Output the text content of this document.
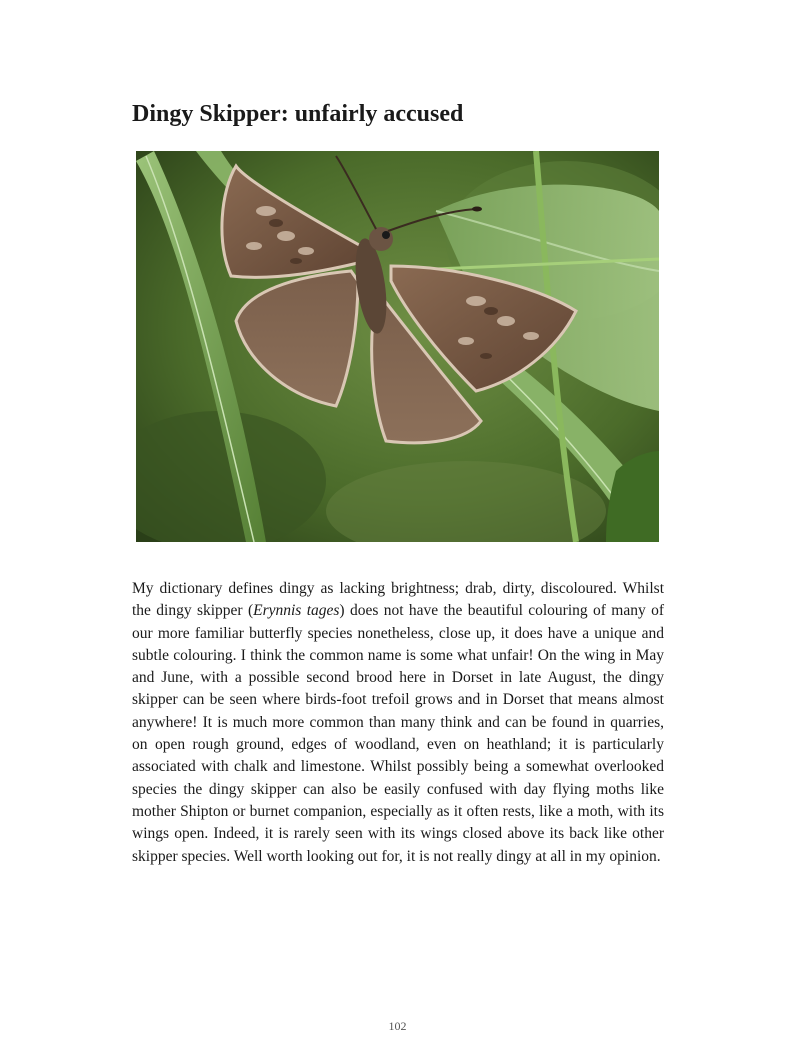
Dingy Skipper: unfairly accused

My dictionary defines dingy as lacking brightness; drab, dirty, discoloured. Whilst the dingy skipper (Erynnis tages) does not have the beautiful colouring of many of our more familiar butterfly species nonetheless, close up, it does have a unique and subtle colouring. I think the common name is some what unfair! On the wing in May and June, with a possible second brood here in Dorset in late August, the dingy skipper can be seen where birds-foot trefoil grows and in Dorset that means almost anywhere! It is much more common than many think and can be found in quarries, on open rough ground, edges of woodland, even on heathland; it is particularly associated with chalk and limestone. Whilst possibly being a somewhat overlooked species the dingy skipper can also be easily confused with day flying moths like mother Shipton or burnet companion, especially as it often rests, like a moth, with its wings open. Indeed, it is rarely seen with its wings closed above its back like other skipper species. Well worth looking out for, it is not really dingy at all in my opinion.

102
